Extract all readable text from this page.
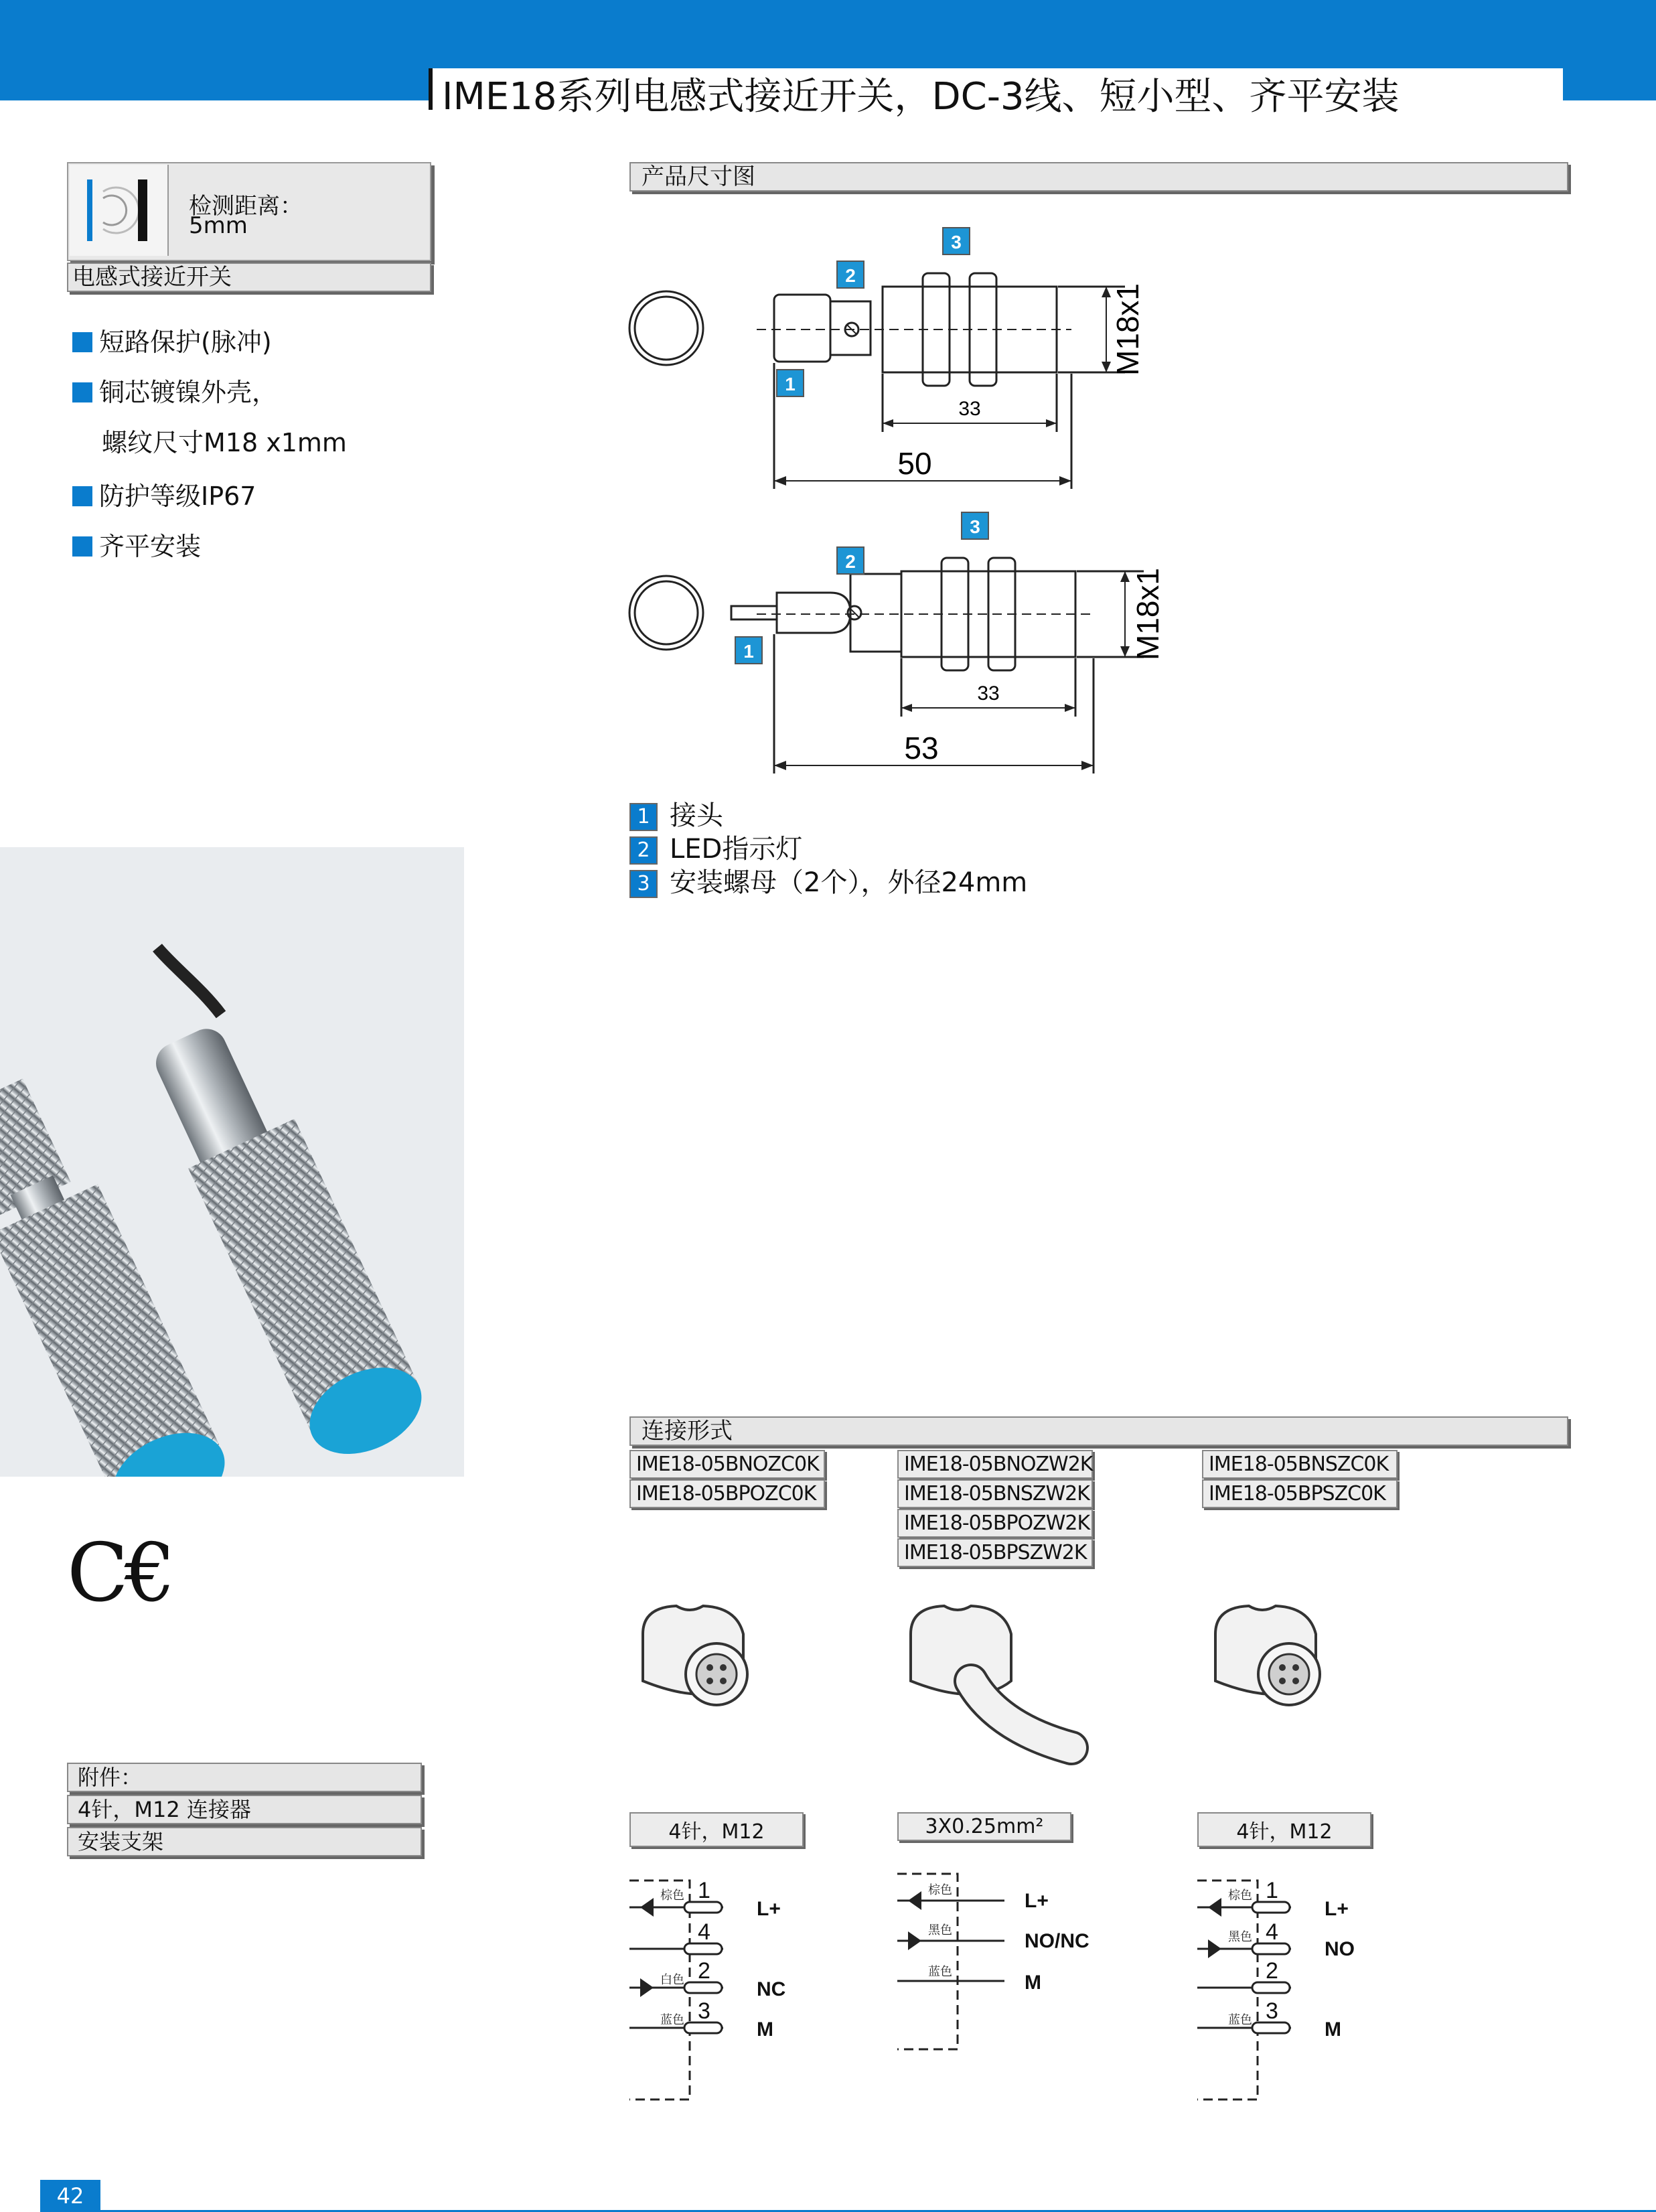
IME18系列电感式接近开关，DC-3线、短小型、齐平安装
检测距离：
5mm
电感式接近开关
短路保护(脉冲)
铜芯镀镍外壳，
螺纹尺寸M18 x1mm
防护等级IP67
齐平安装
C€
附件：
4针，M12 连接器
安装支架
产品尺寸图
M18x1
33
50
1
2
3
M18x1
33
53
1
2
3
1 接头
2 LED指示灯
3 安装螺母（2个），外径24mm
连接形式
IME18-05BNOZC0K
IME18-05BPOZC0K
IME18-05BNOZW2K
IME18-05BNSZW2K
IME18-05BPOZW2K
IME18-05BPSZW2K
IME18-05BNSZC0K
IME18-05BPSZC0K
4针，M12	3X0.25mm²	4针，M12
棕色
白色
蓝色
1
4
2
3
L+
NC
M
棕色
黑色
蓝色
L+
NO/NC
M
棕色
黑色
蓝色
1
4
2
3
L+
NO
M
42
